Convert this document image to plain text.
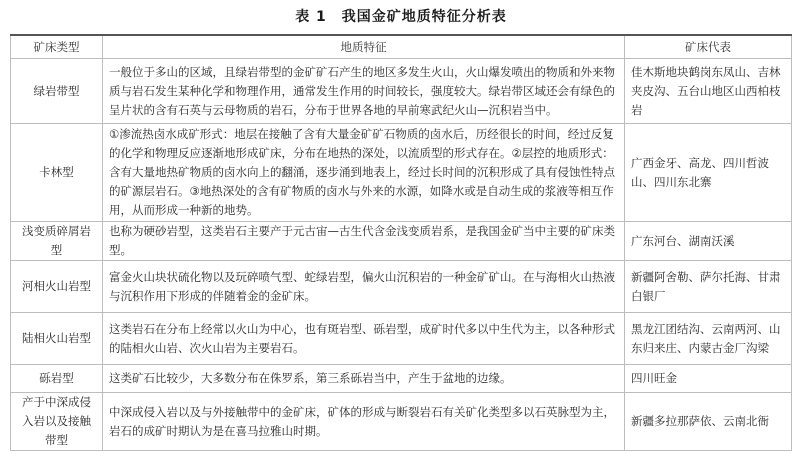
表 1　我国金矿地质特征分析表
矿床类型	地质特征	矿床代表
绿岩带型	一般位于多山的区域，且绿岩带型的金矿矿石产生的地区多发生火山，火山爆发喷出的物质和外来物质与岩石发生某种化学和物理作用，通常发生作用的时间较长，强度较大。绿岩带区域还会有绿色的呈片状的含有石英与云母物质的岩石，分布于世界各地的早前寒武纪火山—沉积岩当中。	佳木斯地块鹤岗东凤山、吉林夹皮沟、五台山地区山西柏枝岩
卡林型	①渗流热卤水成矿形式：地层在接触了含有大量金矿矿石物质的卤水后，历经很长的时间，经过反复的化学和物理反应逐渐地形成矿床，分布在地热的深处，以流质型的形式存在。②层控的地质形式：含有大量地热矿物质的卤水向上的翻涌，逐步涌到地表上，经过长时间的沉积形成了具有侵蚀性特点的矿源层岩石。③地热深处的含有矿物质的卤水与外来的水源，如降水或是自动生成的浆液等相互作用，从而形成一种新的地势。	广西金牙、高龙、四川哲波山、四川东北寨
浅变质碎屑岩型	也称为硬砂岩型，这类岩石主要产于元古宙—古生代含金浅变质岩系，是我国金矿当中主要的矿床类型。	广东河台、湖南沃溪
河相火山岩型	富金火山块状硫化物以及玩碎喷气型、蛇绿岩型，偏火山沉积岩的一种金矿矿山。在与海相火山热液与沉积作用下形成的伴随着金的金矿床。	新疆阿舍勒、萨尔托海、甘肃白银厂
陆相火山岩型	这类岩石在分布上经常以火山为中心，也有斑岩型、砾岩型，成矿时代多以中生代为主，以各种形式的陆相火山岩、次火山岩为主要岩石。	黑龙江团结沟、云南两河、山东归来庄、内蒙古金厂沟梁
砾岩型	这类矿石比较少，大多数分布在侏罗系，第三系砾岩当中，产生于盆地的边缘。	四川旺金
产于中深成侵入岩以及接触带型	中深成侵入岩以及与外接触带中的金矿床，矿体的形成与断裂岩石有关矿化类型多以石英脉型为主，岩石的成矿时期认为是在喜马拉雅山时期。	新疆多拉那萨依、云南北衙
